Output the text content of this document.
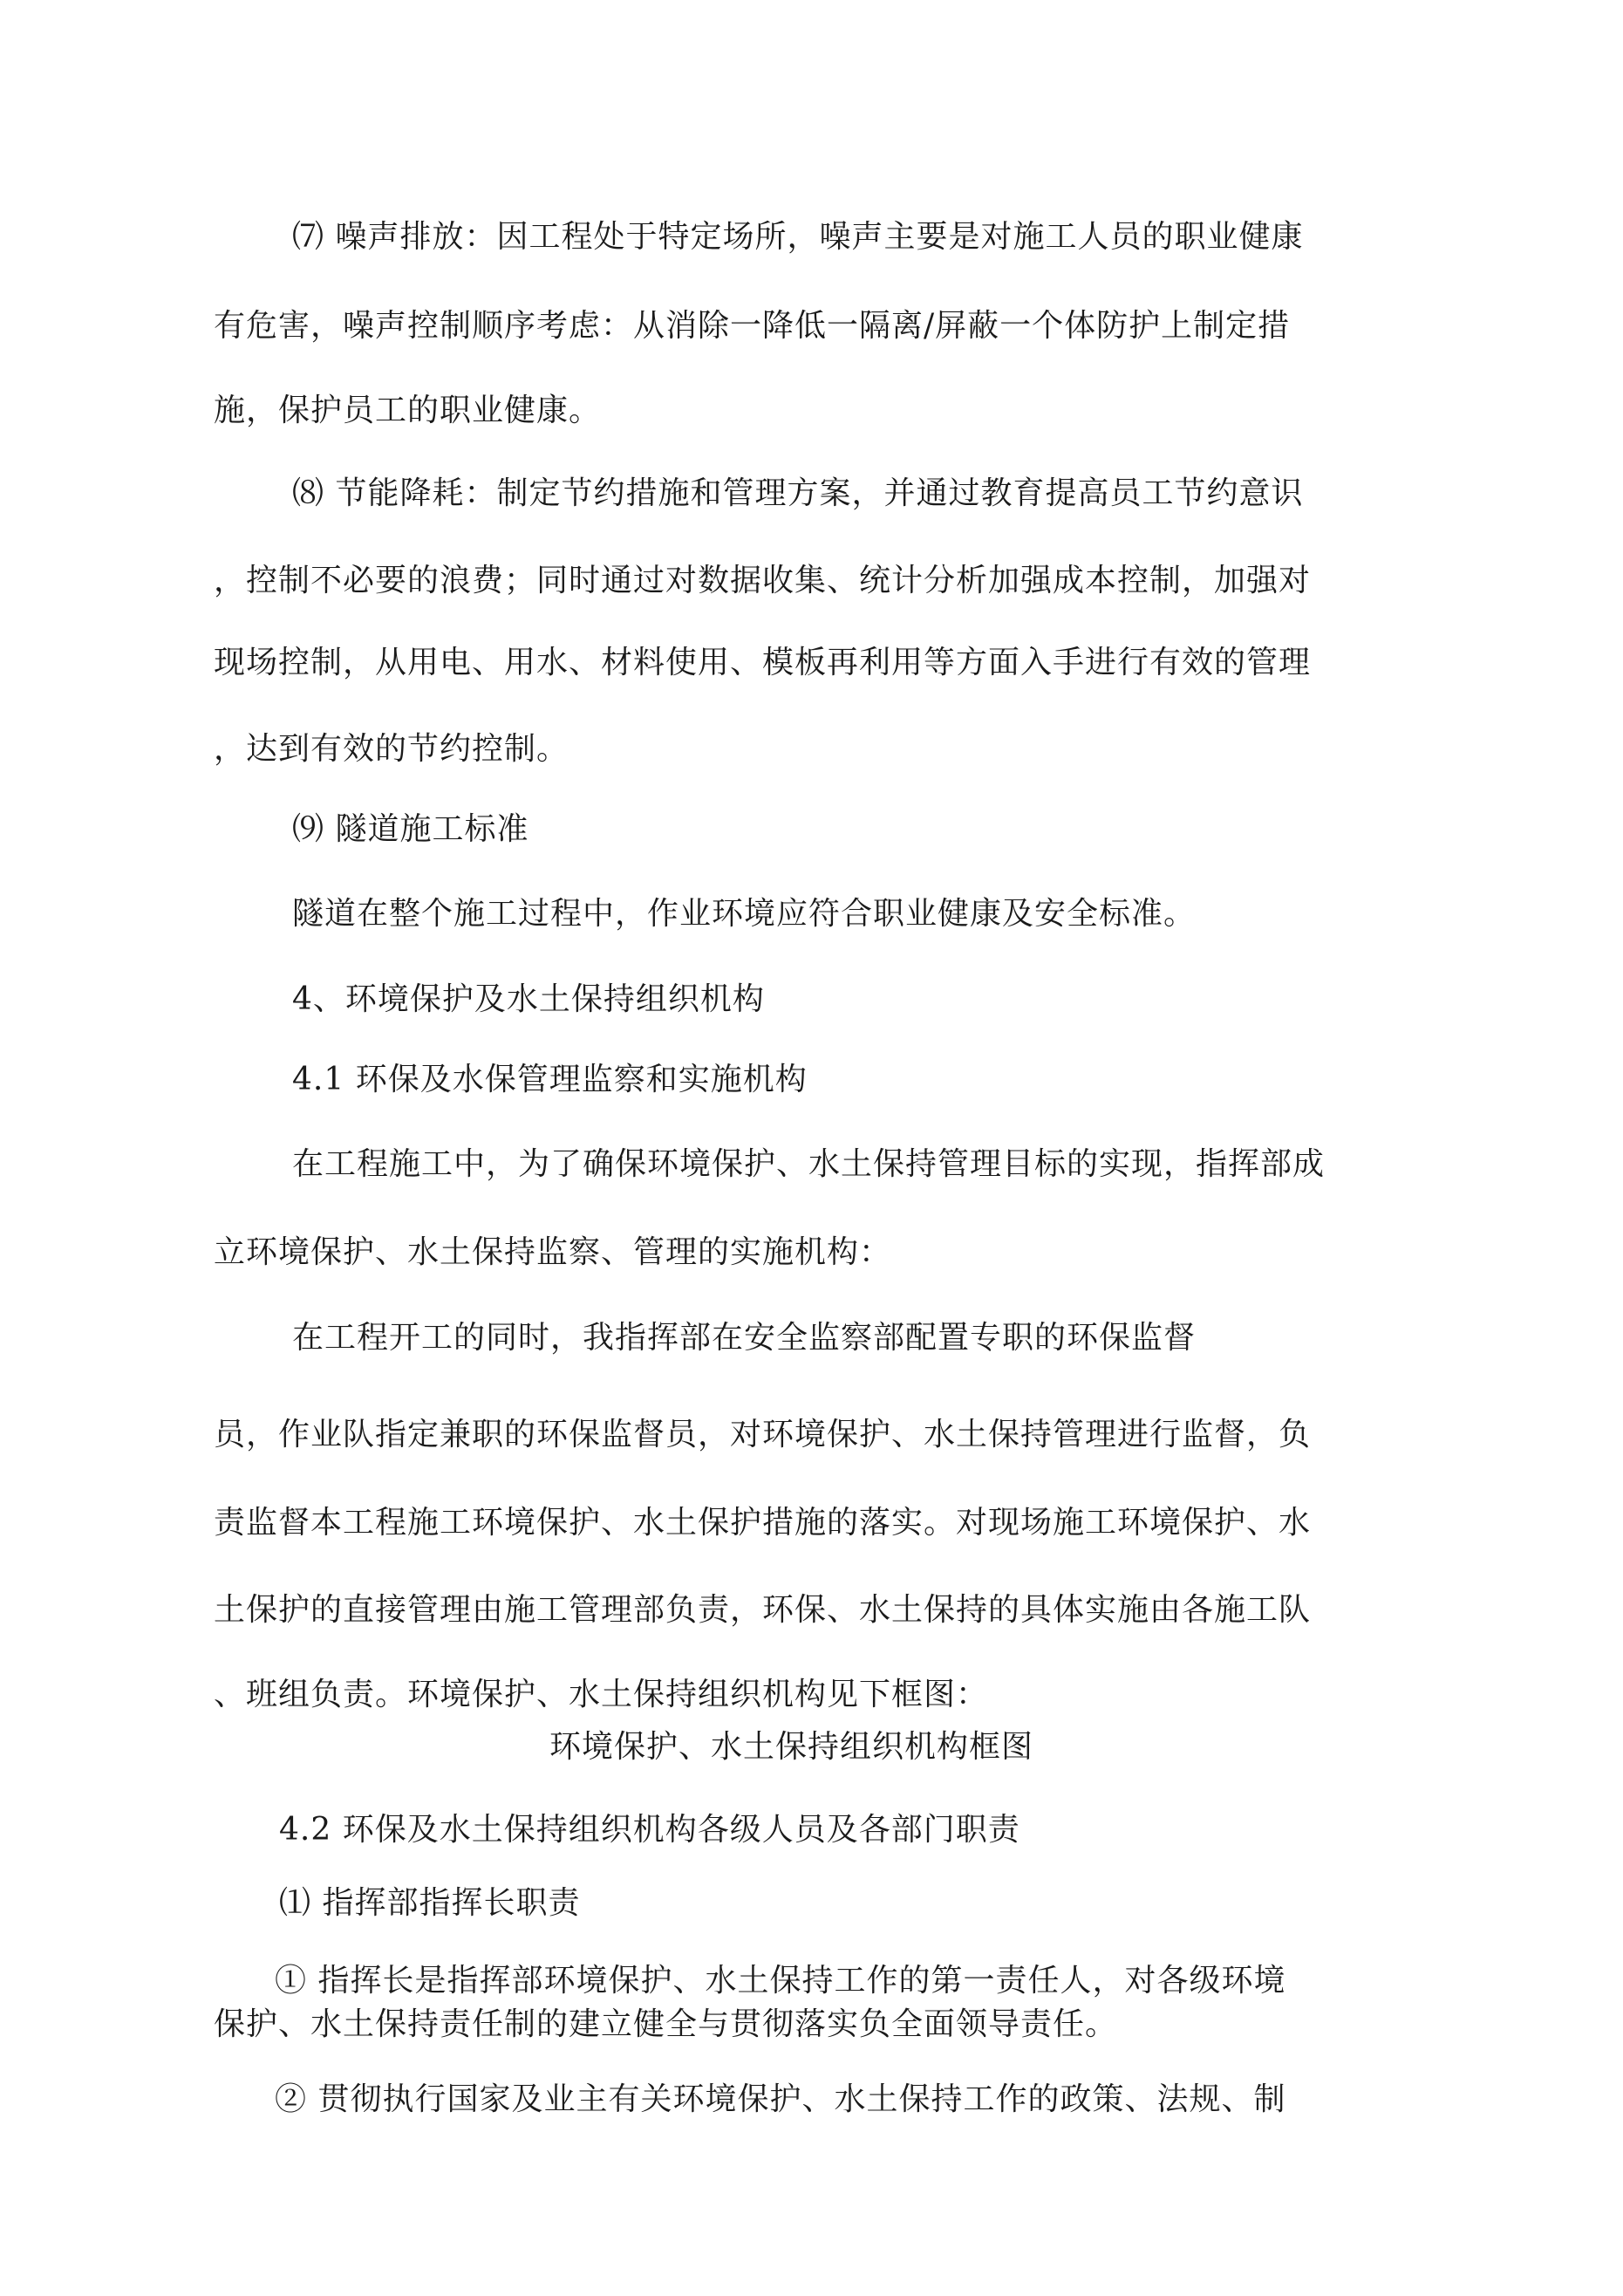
⑺ 噪声排放：因工程处于特定场所，噪声主要是对施工人员的职业健康
有危害，噪声控制顺序考虑：从消除一降低一隔离/屏蔽一个体防护上制定措
施，保护员工的职业健康。
⑻ 节能降耗：制定节约措施和管理方案，并通过教育提高员工节约意识
，控制不必要的浪费；同时通过对数据收集、统计分析加强成本控制，加强对
现场控制，从用电、用水、材料使用、模板再利用等方面入手进行有效的管理
，达到有效的节约控制。
⑼ 隧道施工标准
隧道在整个施工过程中，作业环境应符合职业健康及安全标准。
4、环境保护及水土保持组织机构
4.1 环保及水保管理监察和实施机构
在工程施工中，为了确保环境保护、水土保持管理目标的实现，指挥部成
立环境保护、水土保持监察、管理的实施机构：
在工程开工的同时，我指挥部在安全监察部配置专职的环保监督
员，作业队指定兼职的环保监督员，对环境保护、水土保持管理进行监督，负
责监督本工程施工环境保护、水土保护措施的落实。对现场施工环境保护、水
土保护的直接管理由施工管理部负责，环保、水土保持的具体实施由各施工队
、班组负责。环境保护、水土保持组织机构见下框图：
环境保护、水土保持组织机构框图
4.2 环保及水土保持组织机构各级人员及各部门职责
⑴ 指挥部指挥长职责
① 指挥长是指挥部环境保护、水土保持工作的第一责任人，对各级环境
保护、水土保持责任制的建立健全与贯彻落实负全面领导责任。
② 贯彻执行国家及业主有关环境保护、水土保持工作的政策、法规、制
